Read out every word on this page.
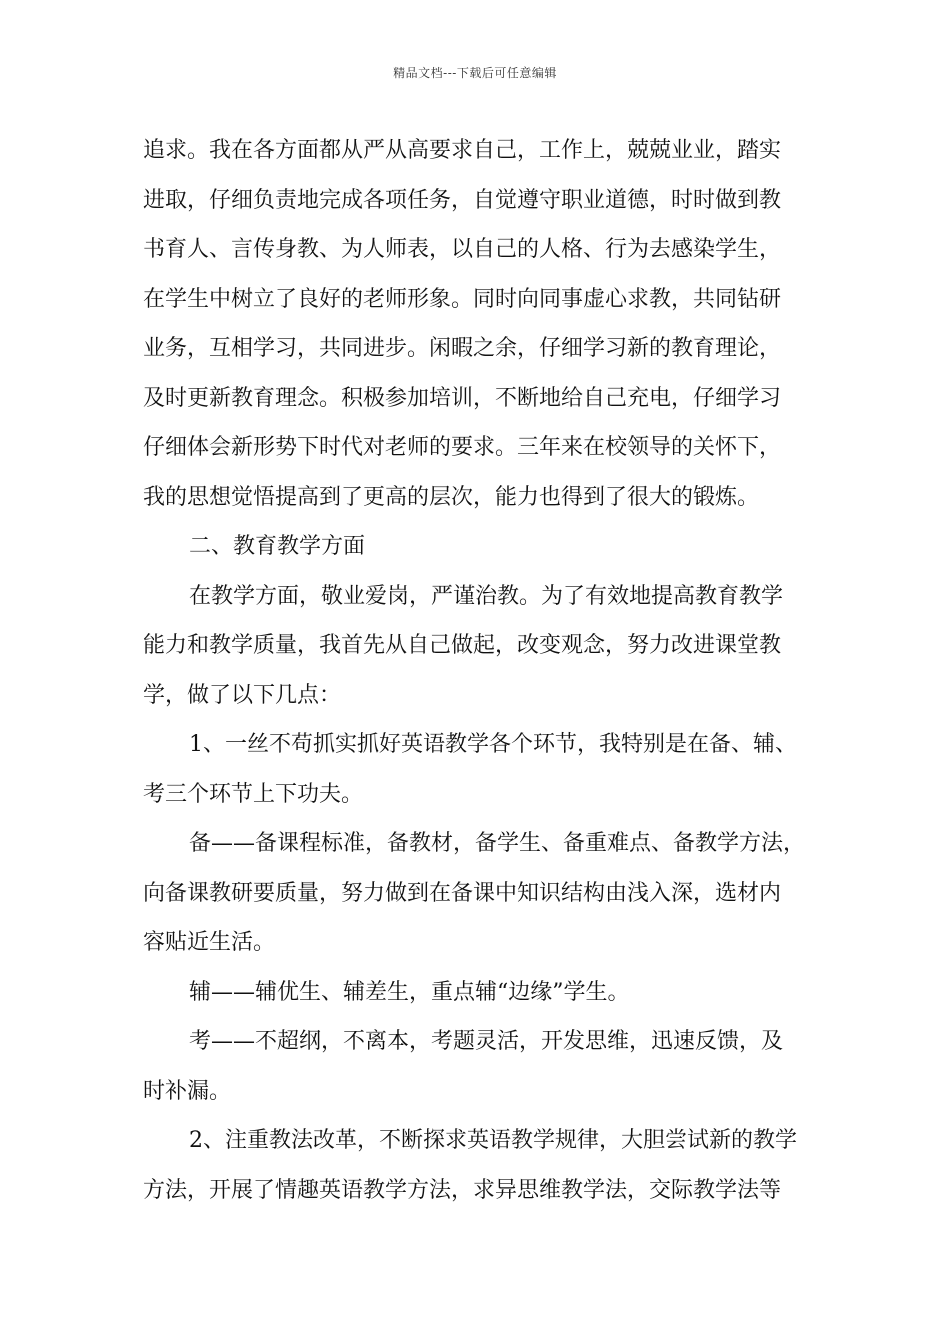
精品文档---下载后可任意编辑
追求。我在各方面都从严从高要求自己，工作上，兢兢业业，踏实
进取，仔细负责地完成各项任务，自觉遵守职业道德，时时做到教
书育人、言传身教、为人师表，以自己的人格、行为去感染学生，
在学生中树立了良好的老师形象。同时向同事虚心求教，共同钻研
业务，互相学习，共同进步。闲暇之余，仔细学习新的教育理论，
及时更新教育理念。积极参加培训，不断地给自己充电，仔细学习
仔细体会新形势下时代对老师的要求。三年来在校领导的关怀下，
我的思想觉悟提高到了更高的层次，能力也得到了很大的锻炼。
二、教育教学方面
在教学方面，敬业爱岗，严谨治教。为了有效地提高教育教学
能力和教学质量，我首先从自己做起，改变观念，努力改进课堂教
学，做了以下几点：
1、一丝不苟抓实抓好英语教学各个环节，我特别是在备、辅、
考三个环节上下功夫。
备——备课程标准，备教材，备学生、备重难点、备教学方法，
向备课教研要质量，努力做到在备课中知识结构由浅入深，选材内
容贴近生活。
辅——辅优生、辅差生，重点辅“边缘”学生。
考——不超纲，不离本，考题灵活，开发思维，迅速反馈，及
时补漏。
2、注重教法改革，不断探求英语教学规律，大胆尝试新的教学
方法，开展了情趣英语教学方法，求异思维教学法，交际教学法等
